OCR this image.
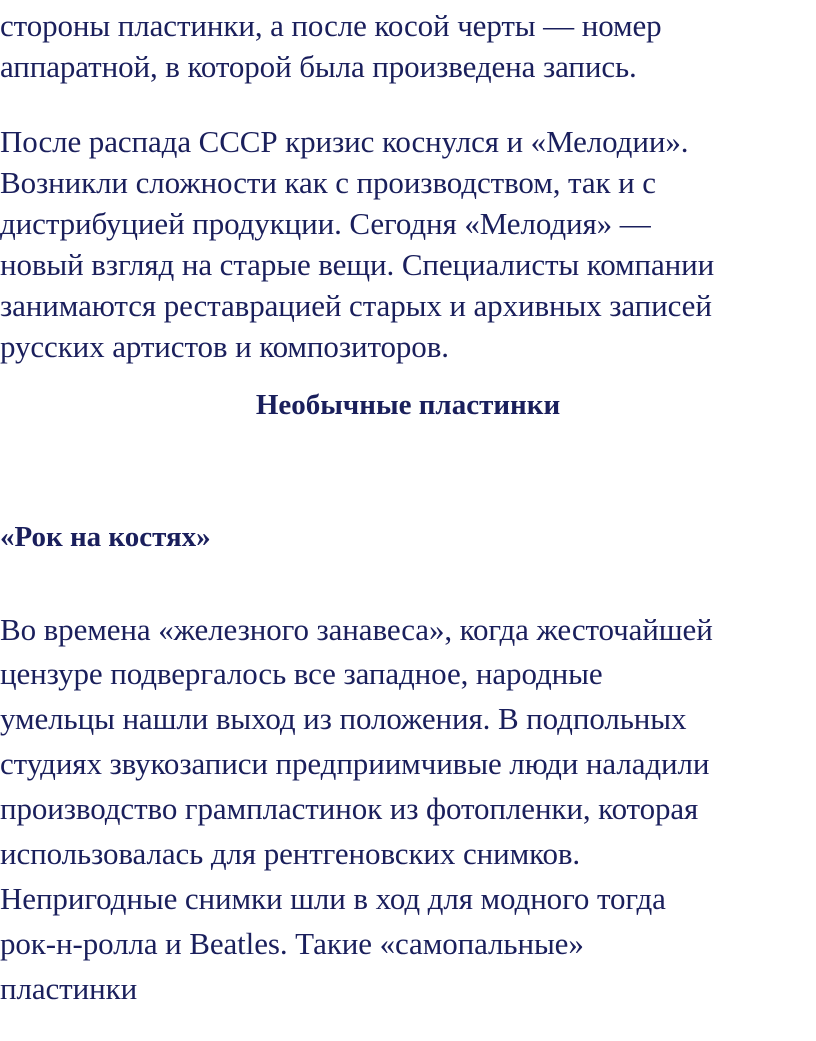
стороны пластинки, а после косой черты — номер
аппаратной, в которой была произведена запись.
После распада СССР кризис коснулся и «Мелодии».
Возникли сложности как с производством, так и с
дистрибуцией продукции. Сегодня «Мелодия» —
новый взгляд на старые вещи. Специалисты компании
занимаются реставрацией старых и архивных записей
русских артистов и композиторов.
Необычные пластинки
«Рок на костях»
Во времена «железного занавеса», когда жесточайшей
цензуре подвергалось все западное, народные
умельцы нашли выход из положения. В подпольных
студиях звукозаписи предприимчивые люди наладили
производство грампластинок из фотопленки, которая
использовалась для рентгеновских снимков.
Непригодные снимки шли в ход для модного тогда
рок-н-ролла и Beatles. Такие «самопальные»
пластинки
